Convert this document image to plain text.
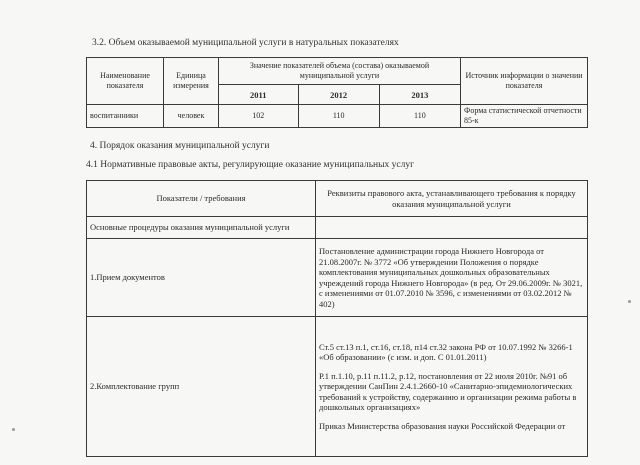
3.2. Объем оказываемой муниципальной услуги в натуральных показателях
Наименование показателя	Единица измерения	Значение показателей объема (состава) оказываемой муниципальной услуги			Источник информации о значении показателя
		2011	2012	2013	
воспитанники	человек	102	110	110	Форма статистической отчетности 85-к
4. Порядок оказания муниципальной услуги
4.1 Нормативные правовые акты, регулирующие оказание муниципальных услуг
Показатели / требования	Реквизиты правового акта, устанавливающего требования к порядку оказания муниципальной услуги
Основные процедуры оказания муниципальной услуги	
1.Прием документов	Постановление администрации города Нижнего Новгорода от 21.08.2007г. № 3772 «Об утверждении Положения о порядке комплектования муниципальных дошкольных образовательных учреждений города Нижнего Новгорода» (в ред. От 29.06.2009г. № 3021, с изменениями от 01.07.2010 № 3596, с изменениями от 03.02.2012 № 402)

2.Комплектование групп	Ст.5 ст.13 п.1, ст.16, ст.18, п14 ст.32 закона РФ от 10.07.1992 № 3266-1 «Об образовании» (с изм. и доп. С 01.01.2011)
Р.1 п.1.10, р.11 п.11.2, р.12, постановления от 22 июля 2010г. №91 об утверждении СанПин 2.4.1.2660-10 «Санитарно-эпидемиологических требований к устройству, содержанию и организации режима работы в дошкольных организациях»
Приказ Министерства образования науки Российской Федерации от
